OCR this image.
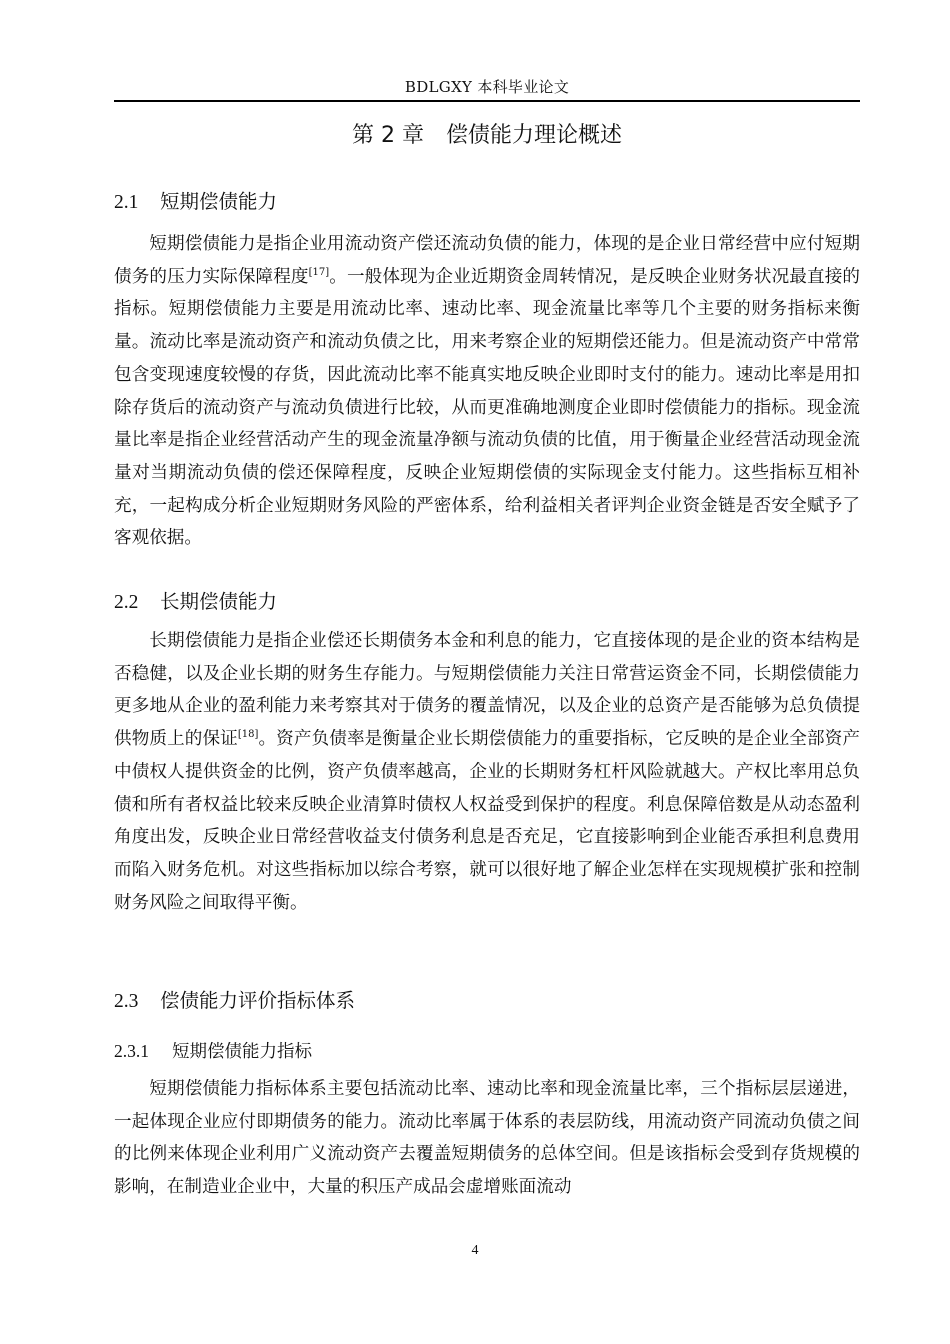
BDLGXY 本科毕业论文
第 2 章 偿债能力理论概述
2.1 短期偿债能力

短期偿债能力是指企业用流动资产偿还流动负债的能力，体现的是企业日常经营中应付短期债务的压力实际保障程度[17]。一般体现为企业近期资金周转情况，是反映企业财务状况最直接的指标。短期偿债能力主要是用流动比率、速动比率、现金流量比率等几个主要的财务指标来衡量。流动比率是流动资产和流动负债之比，用来考察企业的短期偿还能力。但是流动资产中常常包含变现速度较慢的存货，因此流动比率不能真实地反映企业即时支付的能力。速动比率是用扣除存货后的流动资产与流动负债进行比较，从而更准确地测度企业即时偿债能力的指标。现金流量比率是指企业经营活动产生的现金流量净额与流动负债的比值，用于衡量企业经营活动现金流量对当期流动负债的偿还保障程度，反映企业短期偿债的实际现金支付能力。这些指标互相补充，一起构成分析企业短期财务风险的严密体系，给利益相关者评判企业资金链是否安全赋予了客观依据。

2.2 长期偿债能力

长期偿债能力是指企业偿还长期债务本金和利息的能力，它直接体现的是企业的资本结构是否稳健，以及企业长期的财务生存能力。与短期偿债能力关注日常营运资金不同，长期偿债能力更多地从企业的盈利能力来考察其对于债务的覆盖情况，以及企业的总资产是否能够为总负债提供物质上的保证[18]。资产负债率是衡量企业长期偿债能力的重要指标，它反映的是企业全部资产中债权人提供资金的比例，资产负债率越高，企业的长期财务杠杆风险就越大。产权比率用总负债和所有者权益比较来反映企业清算时债权人权益受到保护的程度。利息保障倍数是从动态盈利角度出发，反映企业日常经营收益支付债务利息是否充足，它直接影响到企业能否承担利息费用而陷入财务危机。对这些指标加以综合考察，就可以很好地了解企业怎样在实现规模扩张和控制财务风险之间取得平衡。

2.3 偿债能力评价指标体系
2.3.1 短期偿债能力指标

短期偿债能力指标体系主要包括流动比率、速动比率和现金流量比率，三个指标层层递进，一起体现企业应付即期债务的能力。流动比率属于体系的表层防线，用流动资产同流动负债之间的比例来体现企业利用广义流动资产去覆盖短期债务的总体空间。但是该指标会受到存货规模的影响，在制造业企业中，大量的积压产成品会虚增账面流动

4
